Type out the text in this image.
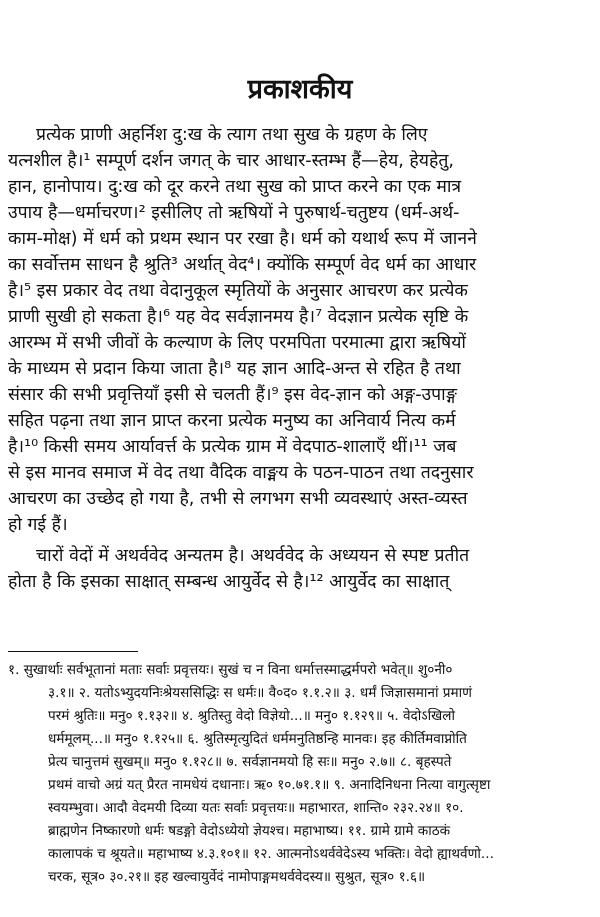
प्रकाशकीय
प्रत्येक प्राणी अहर्निश दु:ख के त्याग तथा सुख के ग्रहण के लिए
यत्नशील है।¹ सम्पूर्ण दर्शन जगत् के चार आधार-स्तम्भ हैं—हेय, हेयहेतु,
हान, हानोपाय। दु:ख को दूर करने तथा सुख को प्राप्त करने का एक मात्र
उपाय है—धर्माचरण।² इसीलिए तो ऋषियों ने पुरुषार्थ-चतुष्टय (धर्म-अर्थ-
काम-मोक्ष) में धर्म को प्रथम स्थान पर रखा है। धर्म को यथार्थ रूप में जानने
का सर्वोत्तम साधन है श्रुति³ अर्थात् वेद⁴। क्योंकि सम्पूर्ण वेद धर्म का आधार
है।⁵ इस प्रकार वेद तथा वेदानुकूल स्मृतियों के अनुसार आचरण कर प्रत्येक
प्राणी सुखी हो सकता है।⁶ यह वेद सर्वज्ञानमय है।⁷ वेदज्ञान प्रत्येक सृष्टि के
आरम्भ में सभी जीवों के कल्याण के लिए परमपिता परमात्मा द्वारा ऋषियों
के माध्यम से प्रदान किया जाता है।⁸ यह ज्ञान आदि-अन्त से रहित है तथा
संसार की सभी प्रवृत्तियाँ इसी से चलती हैं।⁹ इस वेद-ज्ञान को अङ्ग-उपाङ्ग
सहित पढ़ना तथा ज्ञान प्राप्त करना प्रत्येक मनुष्य का अनिवार्य नित्य कर्म
है।¹⁰ किसी समय आर्यावर्त्त के प्रत्येक ग्राम में वेदपाठ-शालाएँ थीं।¹¹ जब
से इस मानव समाज में वेद तथा वैदिक वाङ्मय के पठन-पाठन तथा तदनुसार
आचरण का उच्छेद हो गया है, तभी से लगभग सभी व्यवस्थाएं अस्त-व्यस्त
हो गई हैं।
चारों वेदों में अथर्ववेद अन्यतम है। अथर्ववेद के अध्ययन से स्पष्ट प्रतीत
होता है कि इसका साक्षात् सम्बन्ध आयुर्वेद से है।¹² आयुर्वेद का साक्षात्
१. सुखार्थाः सर्वभूतानां मताः सर्वाः प्रवृत्तयः। सुखं च न विना धर्मात्तस्माद्धर्मपरो भवेत्॥ शु०नी०
३.१॥ २. यतोऽभ्युदयनिःश्रेयससिद्धिः स धर्मः॥ वै०द० १.१.२॥ ३. धर्मं जिज्ञासमानां प्रमाणं
परमं श्रुतिः॥ मनु० १.१३२॥ ४. श्रुतिस्तु वेदो विज्ञेयो...॥ मनु० १.१२९॥ ५. वेदोऽखिलो
धर्ममूलम्...॥ मनु० १.१२५॥ ६. श्रुतिस्मृत्युदितं धर्ममनुतिष्ठन्हि मानवः। इह कीर्तिमवाप्नोति
प्रेत्य चानुत्तमं सुखम्॥ मनु० १.१२८॥ ७. सर्वज्ञानमयो हि सः॥ मनु० २.७॥ ८. बृहस्पते
प्रथमं वाचो अग्रं यत् प्रैरत नामधेयं दधानाः। ऋ० १०.७१.१॥ ९. अनादिनिधना नित्या वागुत्सृष्टा
स्वयम्भुवा। आदौ वेदमयी दिव्या यतः सर्वाः प्रवृत्तयः॥ महाभारत, शान्ति० २३२.२४॥ १०.
ब्राह्मणेन निष्कारणो धर्मः षडङ्गो वेदोऽध्येयो ज्ञेयश्च। महाभाष्य। ११. ग्रामे ग्रामे काठकं
कालापकं च श्रूयते॥ महाभाष्य ४.३.१०१॥ १२. आत्मनोऽथर्ववेदेऽस्य भक्तिः। वेदो ह्याथर्वणो...
चरक, सूत्र० ३०.२१॥ इह खल्वायुर्वेदं नामोपाङ्गमथर्ववेदस्य॥ सुश्रुत, सूत्र० १.६॥
